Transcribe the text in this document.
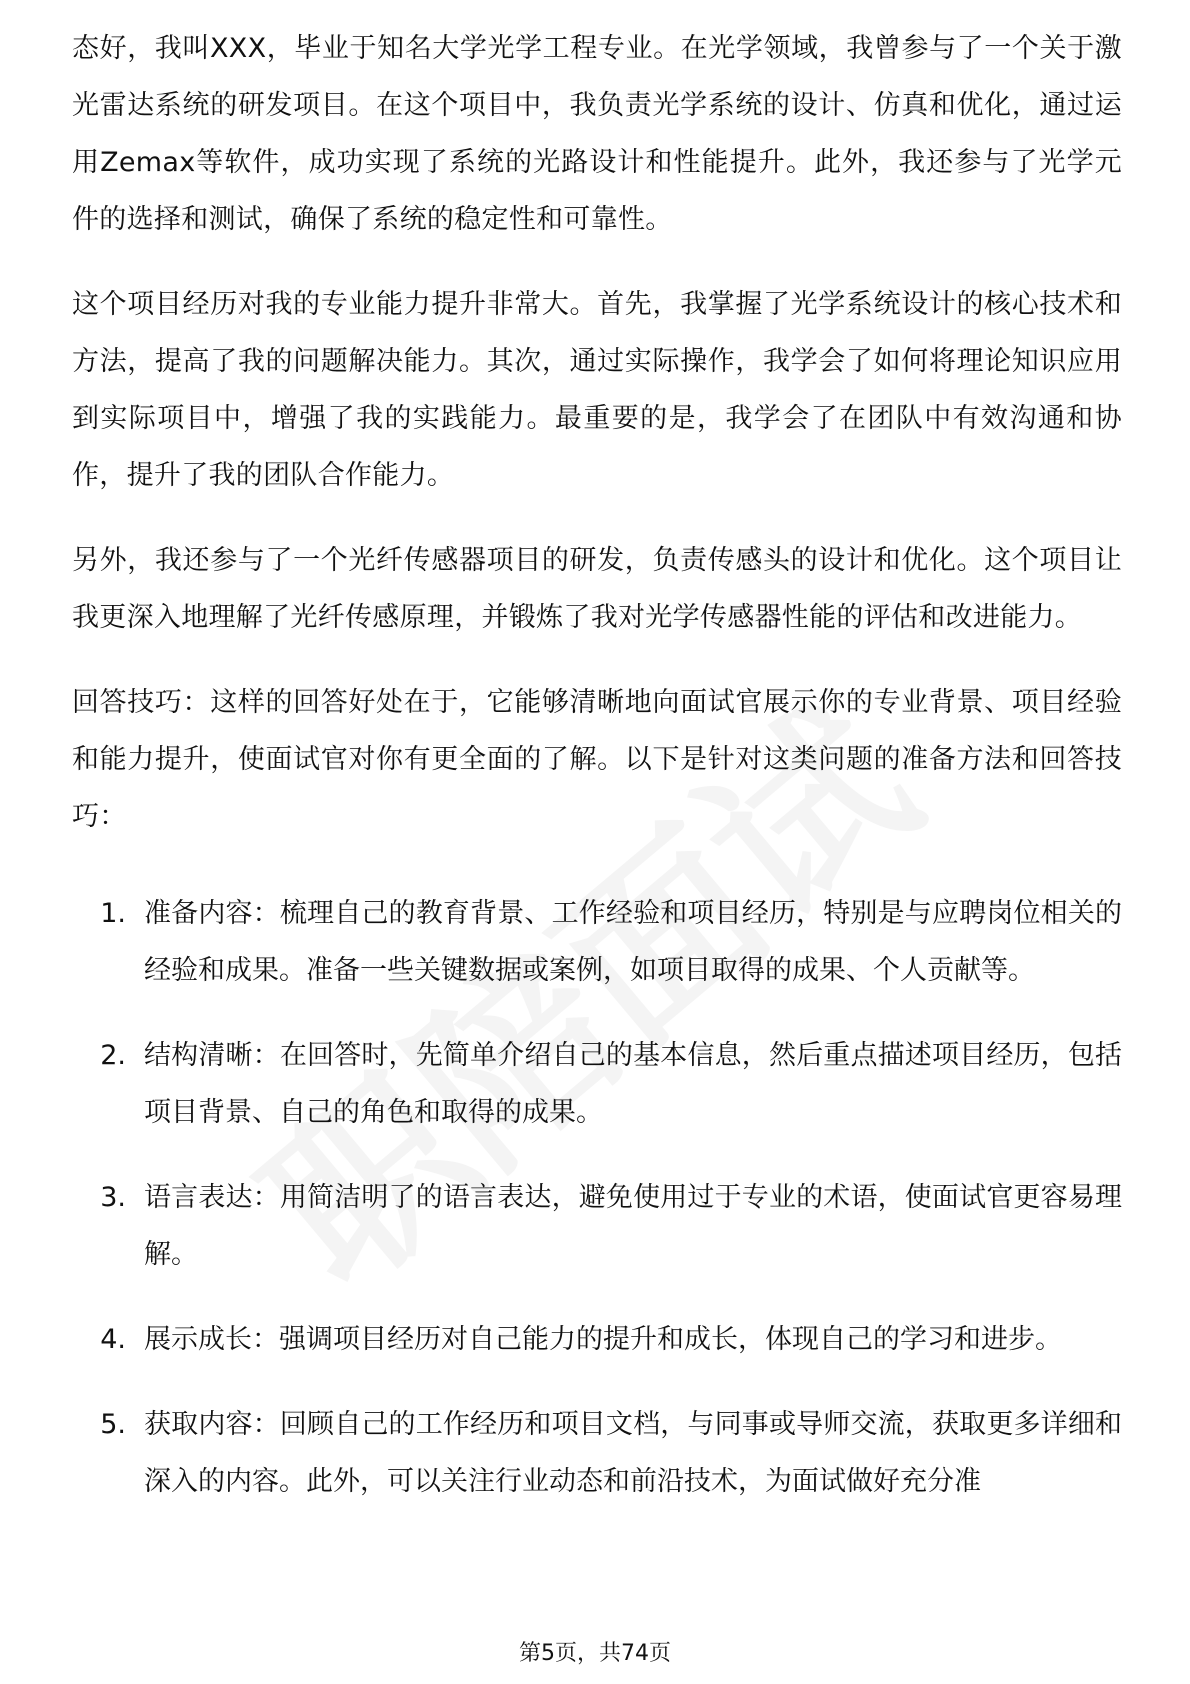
态好，我叫XXX，毕业于知名大学光学工程专业。在光学领域，我曾参与了一个关于激光雷达系统的研发项目。在这个项目中，我负责光学系统的设计、仿真和优化，通过运用Zemax等软件，成功实现了系统的光路设计和性能提升。此外，我还参与了光学元件的选择和测试，确保了系统的稳定性和可靠性。

这个项目经历对我的专业能力提升非常大。首先，我掌握了光学系统设计的核心技术和方法，提高了我的问题解决能力。其次，通过实际操作，我学会了如何将理论知识应用到实际项目中，增强了我的实践能力。最重要的是，我学会了在团队中有效沟通和协作，提升了我的团队合作能力。

另外，我还参与了一个光纤传感器项目的研发，负责传感头的设计和优化。这个项目让我更深入地理解了光纤传感原理，并锻炼了我对光学传感器性能的评估和改进能力。

回答技巧：这样的回答好处在于，它能够清晰地向面试官展示你的专业背景、项目经验和能力提升，使面试官对你有更全面的了解。以下是针对这类问题的准备方法和回答技巧：

1. 准备内容：梳理自己的教育背景、工作经验和项目经历，特别是与应聘岗位相关的经验和成果。准备一些关键数据或案例，如项目取得的成果、个人贡献等。
2. 结构清晰：在回答时，先简单介绍自己的基本信息，然后重点描述项目经历，包括项目背景、自己的角色和取得的成果。
3. 语言表达：用简洁明了的语言表达，避免使用过于专业的术语，使面试官更容易理解。
4. 展示成长：强调项目经历对自己能力的提升和成长，体现自己的学习和进步。
5. 获取内容：回顾自己的工作经历和项目文档，与同事或导师交流，获取更多详细和深入的内容。此外，可以关注行业动态和前沿技术，为面试做好充分准
第5页，共74页
